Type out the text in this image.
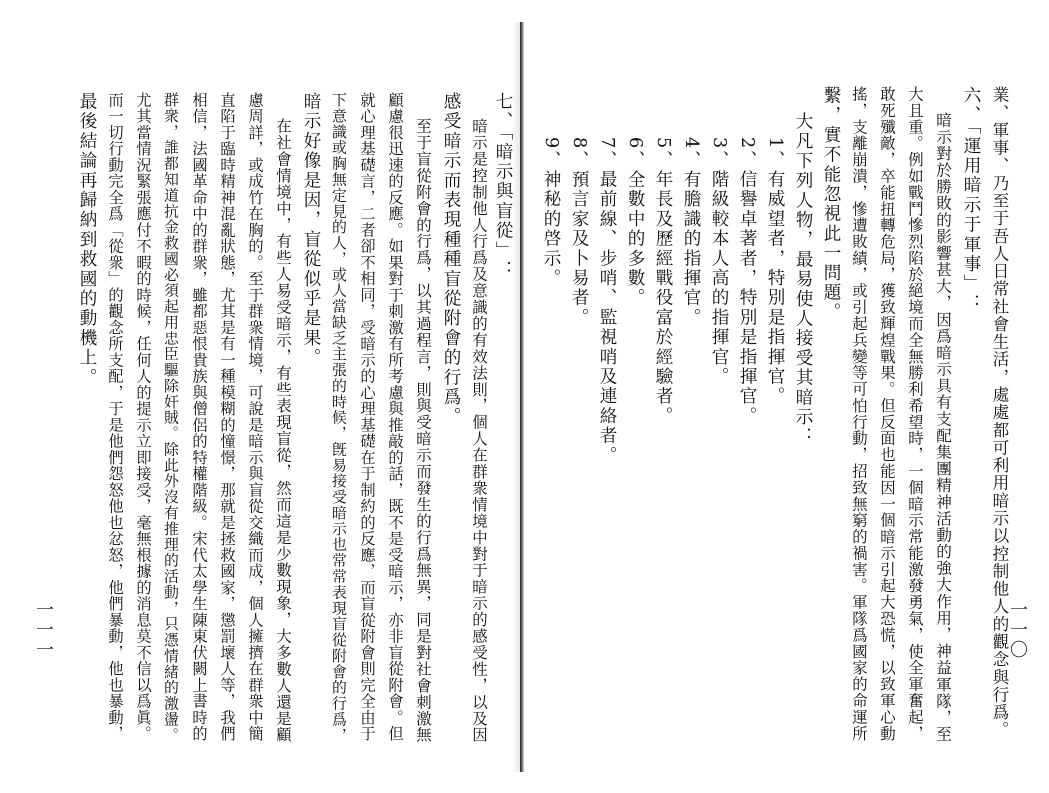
七、「暗示與盲從」：
暗示是控制他人行爲及意識的有效法則，個人在群衆情境中對于暗示的感受性，以及因
感受暗示而表現種種盲從附會的行爲。
至于盲從附會的行爲，以其過程言，則與受暗示而發生的行爲無異，同是對社會刺激無
顧慮很迅速的反應。如果對于刺激有所考慮與推敲的話，既不是受暗示，亦非盲從附會。但
就心理基礎言，二者卻不相同，受暗示的心理基礎在于制約的反應，而盲從附會則完全由于
下意識或胸無定見的人，或人當缺乏主張的時候，旣易接受暗示也常常表現盲從附會的行爲，
暗示好像是因，盲從似乎是果。
在社會情境中，有些人易受暗示，有些表現盲從，然而這是少數現象，大多數人還是顧
慮周詳，或成竹在胸的。至于群衆情境，可說是暗示與盲從交織而成，個人擁擠在群衆中簡
直陷于臨時精神混亂狀態，尤其是有一種模糊的憧憬，那就是拯救國家，懲罰壞人等，我們
相信，法國革命中的群衆，雖都惡恨貴族與僧侶的特權階級。宋代太學生陳東伏闕上書時的
群衆，誰都知道抗金救國必須起用忠臣驅除奸賊。除此外沒有推理的活動，只憑情緒的激盪。
尤其當情況緊張應付不暇的時候，任何人的提示立即接受，毫無根據的消息莫不信以爲眞。
而一切行動完全爲「從衆」的觀念所支配，于是他們怨怒他也忿怒，他們暴動，他也暴動，
最後結論再歸納到救國的動機上。
一一一	業、軍事、乃至于吾人日常社會生活，處處都可利用暗示以控制他人的觀念與行爲。
六、「運用暗示于軍事」：
暗示對於勝敗的影響甚大，因爲暗示具有支配集團精神活動的強大作用，神益軍隊，至
大且重。例如戰鬥慘烈陷於絕境而全無勝利希望時，一個暗示常能激發勇氣，使全軍奮起，
敢死殲敵，卒能扭轉危局，獲致輝煌戰果。但反面也能因一個暗示引起大恐慌，以致軍心動
搖，支離崩潰，慘遭敗績，或引起兵變等可怕行動，招致無窮的禍害。軍隊爲國家的命運所
繫，實不能忽視此一問題。
大凡下列人物，最易使人接受其暗示：
1、有威望者，特別是指揮官。
2、信譽卓著者，特別是指揮官。
3、階級較本人高的指揮官。
4、有膽識的指揮官。
5、年長及歷經戰役富於經驗者。
6、全數中的多數。
7、最前線、步哨、監視哨及連絡者。
8、預言家及卜易者。
9、神秘的啓示。
一一〇
